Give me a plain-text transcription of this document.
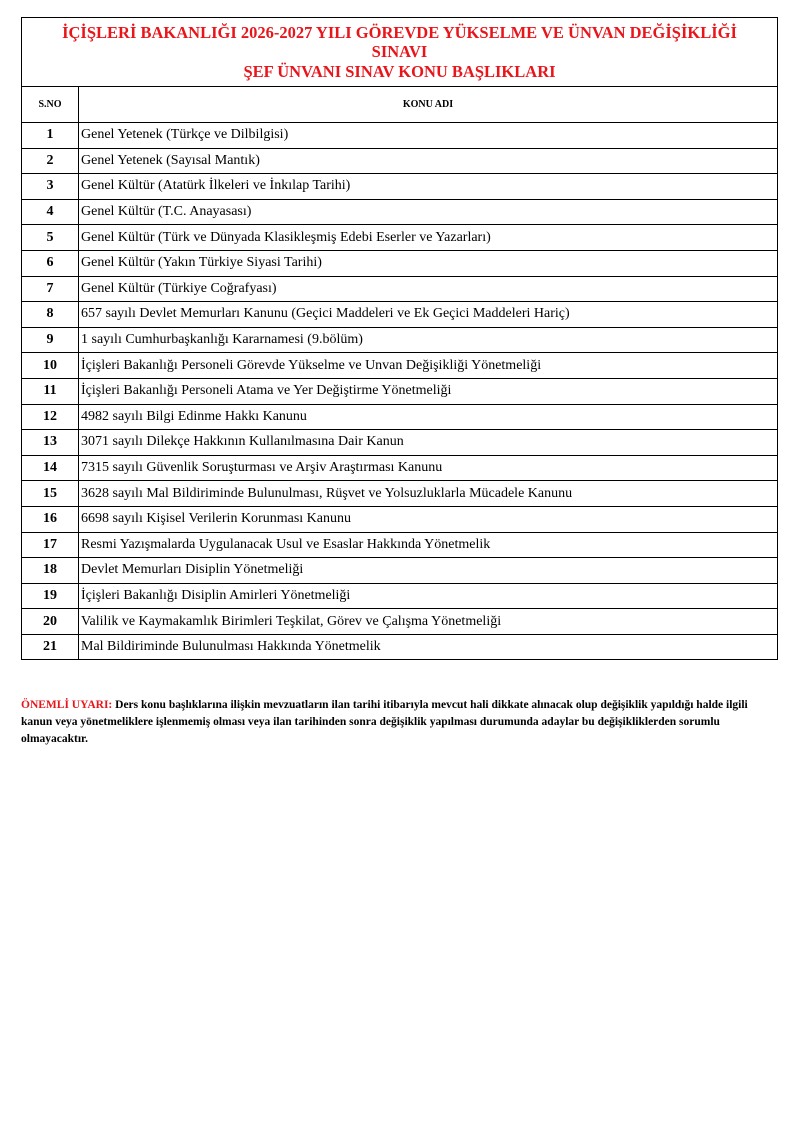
İÇİŞLERİ BAKANLIĞI 2026-2027 YILI GÖREVDE YÜKSELME VE ÜNVAN DEĞİŞİKLİĞİ
SINAVI
ŞEF ÜNVANI SINAV KONU BAŞLIKLARI	

S.NO	KONU ADI
1	Genel Yetenek (Türkçe ve Dilbilgisi)
2	Genel Yetenek (Sayısal Mantık)
3	Genel Kültür (Atatürk İlkeleri ve İnkılap Tarihi)
4	Genel Kültür (T.C. Anayasası)
5	Genel Kültür (Türk ve Dünyada Klasikleşmiş Edebi Eserler ve Yazarları)
6	Genel Kültür (Yakın Türkiye Siyasi Tarihi)
7	Genel Kültür (Türkiye Coğrafyası)
8	657 sayılı Devlet Memurları Kanunu (Geçici Maddeleri ve Ek Geçici Maddeleri Hariç)
9	1 sayılı Cumhurbaşkanlığı Kararnamesi (9.bölüm)
10	İçişleri Bakanlığı Personeli Görevde Yükselme ve Unvan Değişikliği Yönetmeliği
11	İçişleri Bakanlığı Personeli Atama ve Yer Değiştirme Yönetmeliği
12	4982 sayılı Bilgi Edinme Hakkı Kanunu
13	3071 sayılı Dilekçe Hakkının Kullanılmasına Dair Kanun
14	7315 sayılı Güvenlik Soruşturması ve Arşiv Araştırması Kanunu
15	3628 sayılı Mal Bildiriminde Bulunulması, Rüşvet ve Yolsuzluklarla Mücadele Kanunu
16	6698 sayılı Kişisel Verilerin Korunması Kanunu
17	Resmi Yazışmalarda Uygulanacak Usul ve Esaslar Hakkında Yönetmelik
18	Devlet Memurları Disiplin Yönetmeliği
19	İçişleri Bakanlığı Disiplin Amirleri Yönetmeliği
20	Valilik ve Kaymakamlık Birimleri Teşkilat, Görev ve Çalışma Yönetmeliği
21	Mal Bildiriminde Bulunulması Hakkında Yönetmelik
ÖNEMLİ UYARI: Ders konu başlıklarına ilişkin mevzuatların ilan tarihi itibarıyla mevcut hali dikkate alınacak olup değişiklik yapıldığı halde ilgili kanun veya yönetmeliklere işlenmemiş olması veya ilan tarihinden sonra değişiklik yapılması durumunda adaylar bu değişikliklerden sorumlu olmayacaktır.
